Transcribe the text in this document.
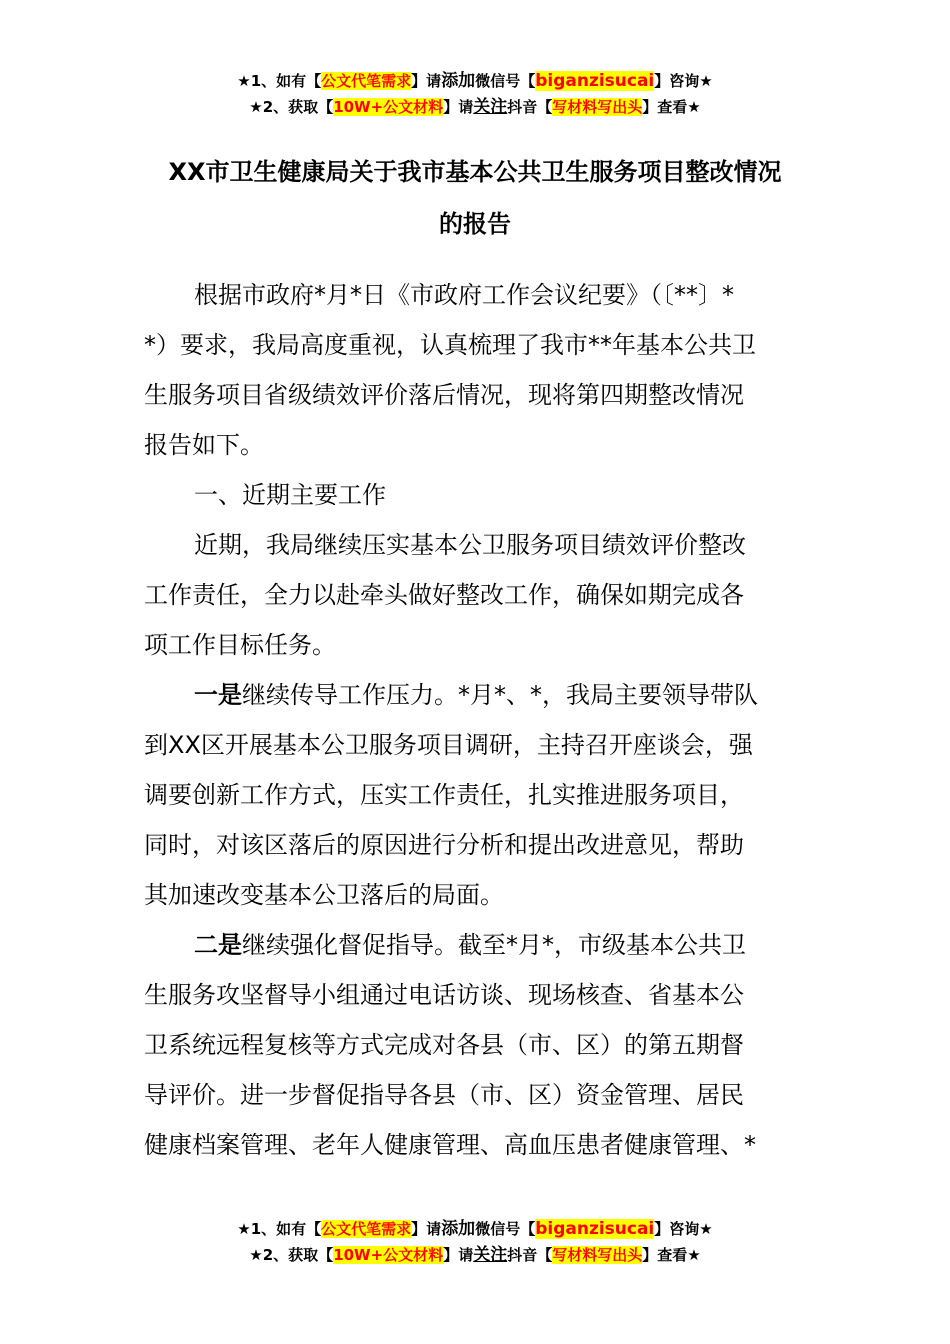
★1、如有【公文代笔需求】请添加微信号【biganzisucai】咨询★
★2、获取【10W+公文材料】请关注抖音【写材料写出头】查看★
XX市卫生健康局关于我市基本公共卫生服务项目整改情况
的报告
根据市政府*月*日《市政府工作会议纪要》（〔**〕*
*）要求，我局高度重视，认真梳理了我市**年基本公共卫
生服务项目省级绩效评价落后情况，现将第四期整改情况
报告如下。
一、近期主要工作
近期，我局继续压实基本公卫服务项目绩效评价整改
工作责任，全力以赴牵头做好整改工作，确保如期完成各
项工作目标任务。
一是继续传导工作压力。*月*、*，我局主要领导带队
到XX区开展基本公卫服务项目调研，主持召开座谈会，强
调要创新工作方式，压实工作责任，扎实推进服务项目，
同时，对该区落后的原因进行分析和提出改进意见，帮助
其加速改变基本公卫落后的局面。
二是继续强化督促指导。截至*月*，市级基本公共卫
生服务攻坚督导小组通过电话访谈、现场核查、省基本公
卫系统远程复核等方式完成对各县（市、区）的第五期督
导评价。进一步督促指导各县（市、区）资金管理、居民
健康档案管理、老年人健康管理、高血压患者健康管理、*
★1、如有【公文代笔需求】请添加微信号【biganzisucai】咨询★
★2、获取【10W+公文材料】请关注抖音【写材料写出头】查看★
